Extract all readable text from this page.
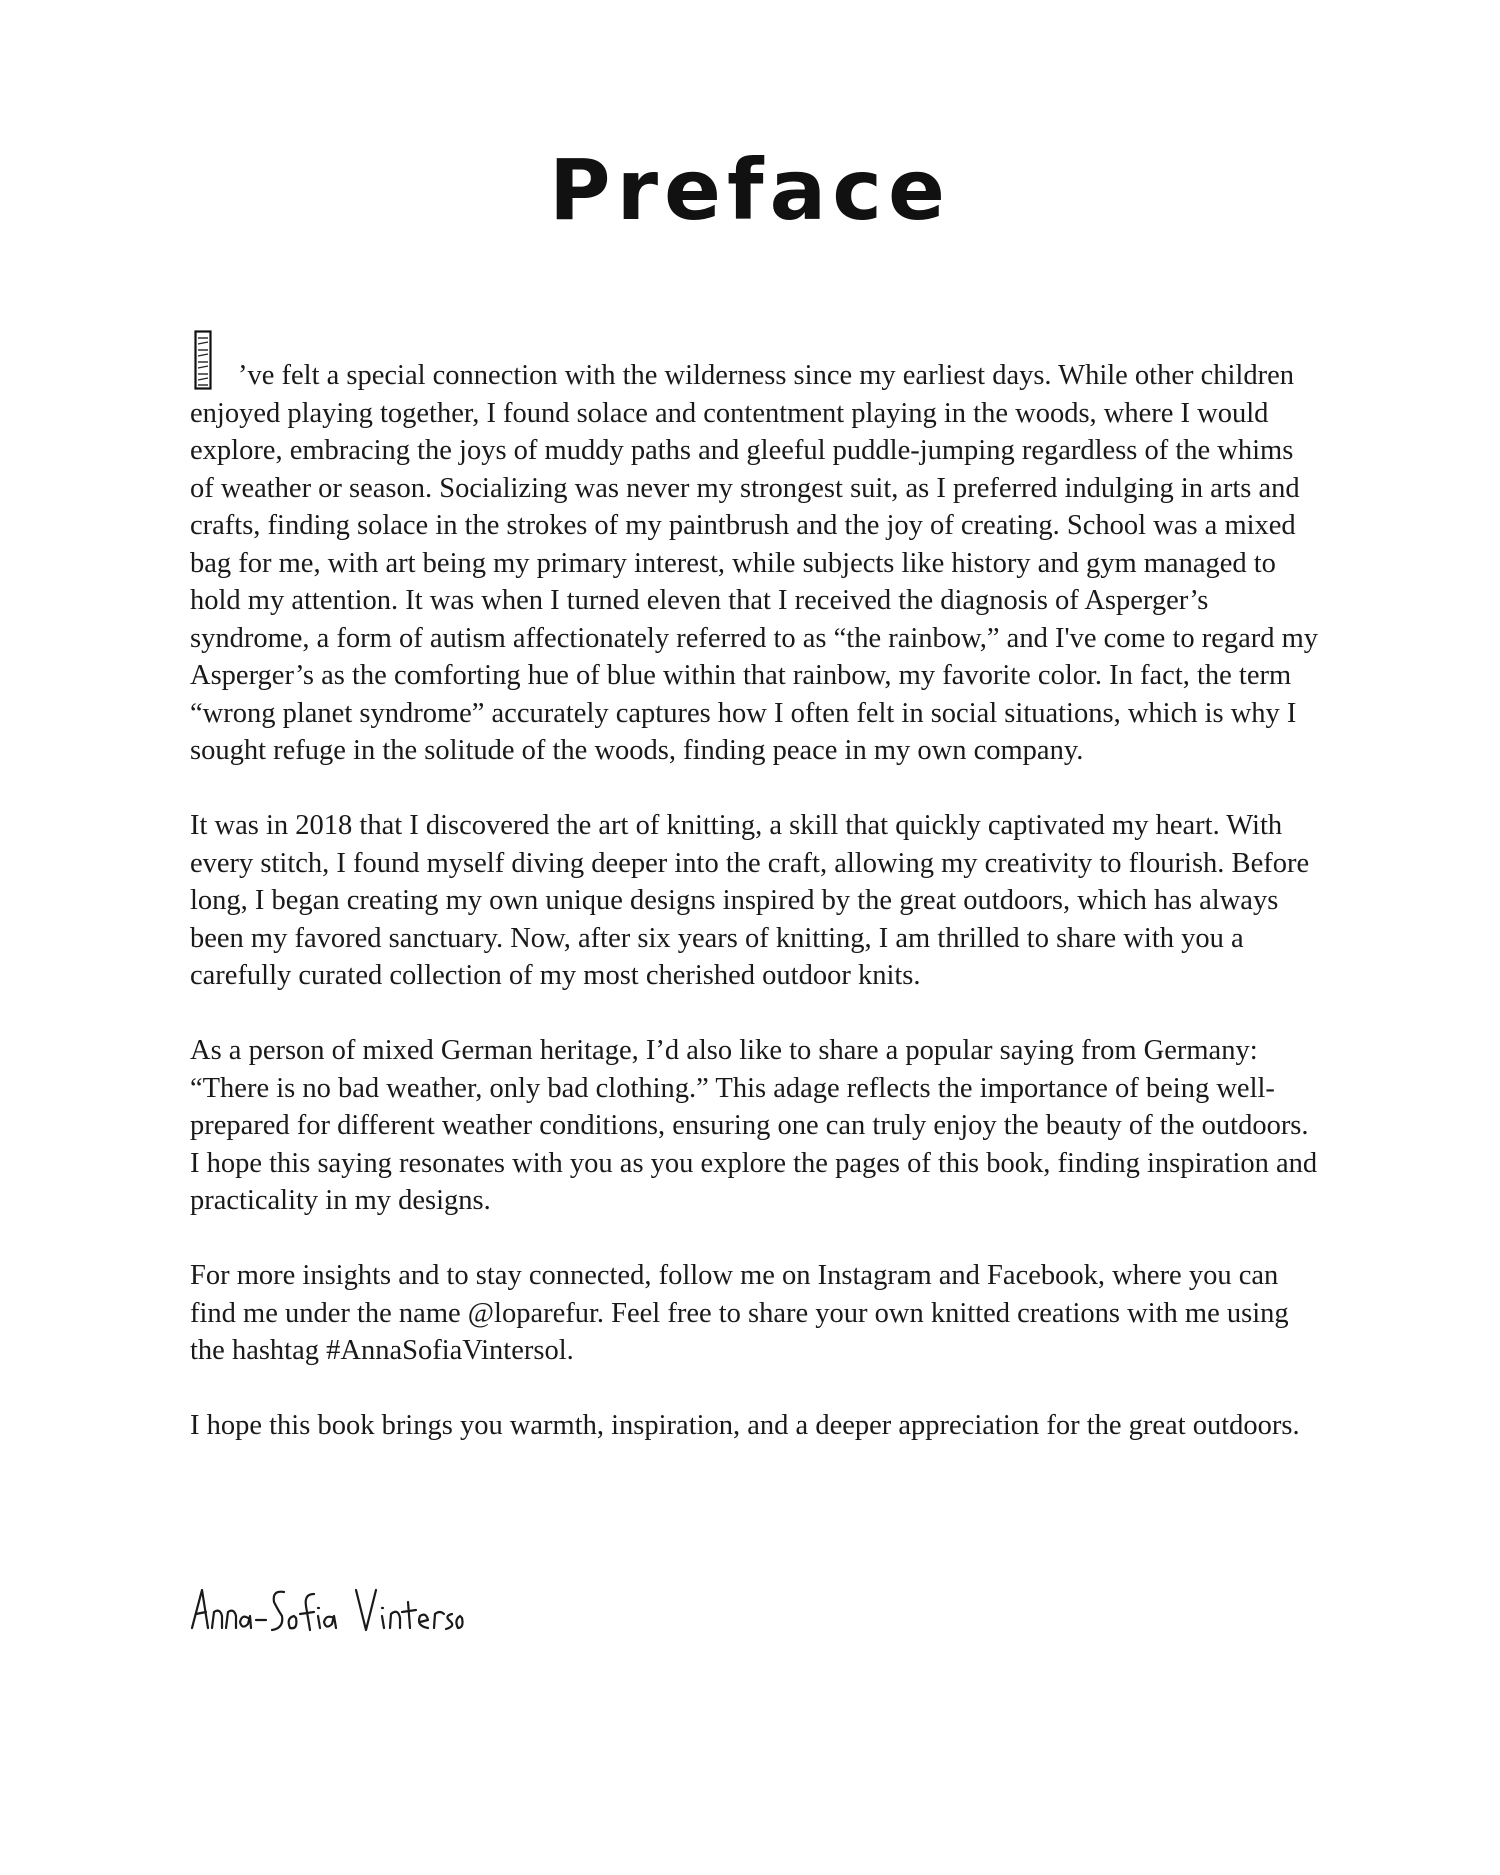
Preface

’ve felt a special connection with the wilderness since my earliest days. While other children enjoyed playing together, I found solace and contentment playing in the woods, where I would explore, embracing the joys of muddy paths and gleeful puddle-jumping regardless of the whims of weather or season. Socializing was never my strongest suit, as I preferred indulging in arts and crafts, finding solace in the strokes of my paintbrush and the joy of creating. School was a mixed bag for me, with art being my primary interest, while subjects like history and gym managed to hold my attention. It was when I turned eleven that I received the diagnosis of Asperger’s syndrome, a form of autism affectionately referred to as “the rainbow,” and I've come to regard my Asperger’s as the comforting hue of blue within that rainbow, my favorite color. In fact, the term “wrong planet syndrome” accurately captures how I often felt in social situations, which is why I sought refuge in the solitude of the woods, finding peace in my own company.

It was in 2018 that I discovered the art of knitting, a skill that quickly captivated my heart. With every stitch, I found myself diving deeper into the craft, allowing my creativity to flourish. Before long, I began creating my own unique designs inspired by the great outdoors, which has always been my favored sanctuary. Now, after six years of knitting, I am thrilled to share with you a carefully curated collection of my most cherished outdoor knits.

As a person of mixed German heritage, I’d also like to share a popular saying from Germany: “There is no bad weather, only bad clothing.” This adage reflects the importance of being well-prepared for different weather conditions, ensuring one can truly enjoy the beauty of the outdoors. I hope this saying resonates with you as you explore the pages of this book, finding inspiration and practicality in my designs.

For more insights and to stay connected, follow me on Instagram and Facebook, where you can find me under the name @loparefur. Feel free to share your own knitted creations with me using the hashtag #AnnaSofiaVintersol.

I hope this book brings you warmth, inspiration, and a deeper appreciation for the great outdoors.
